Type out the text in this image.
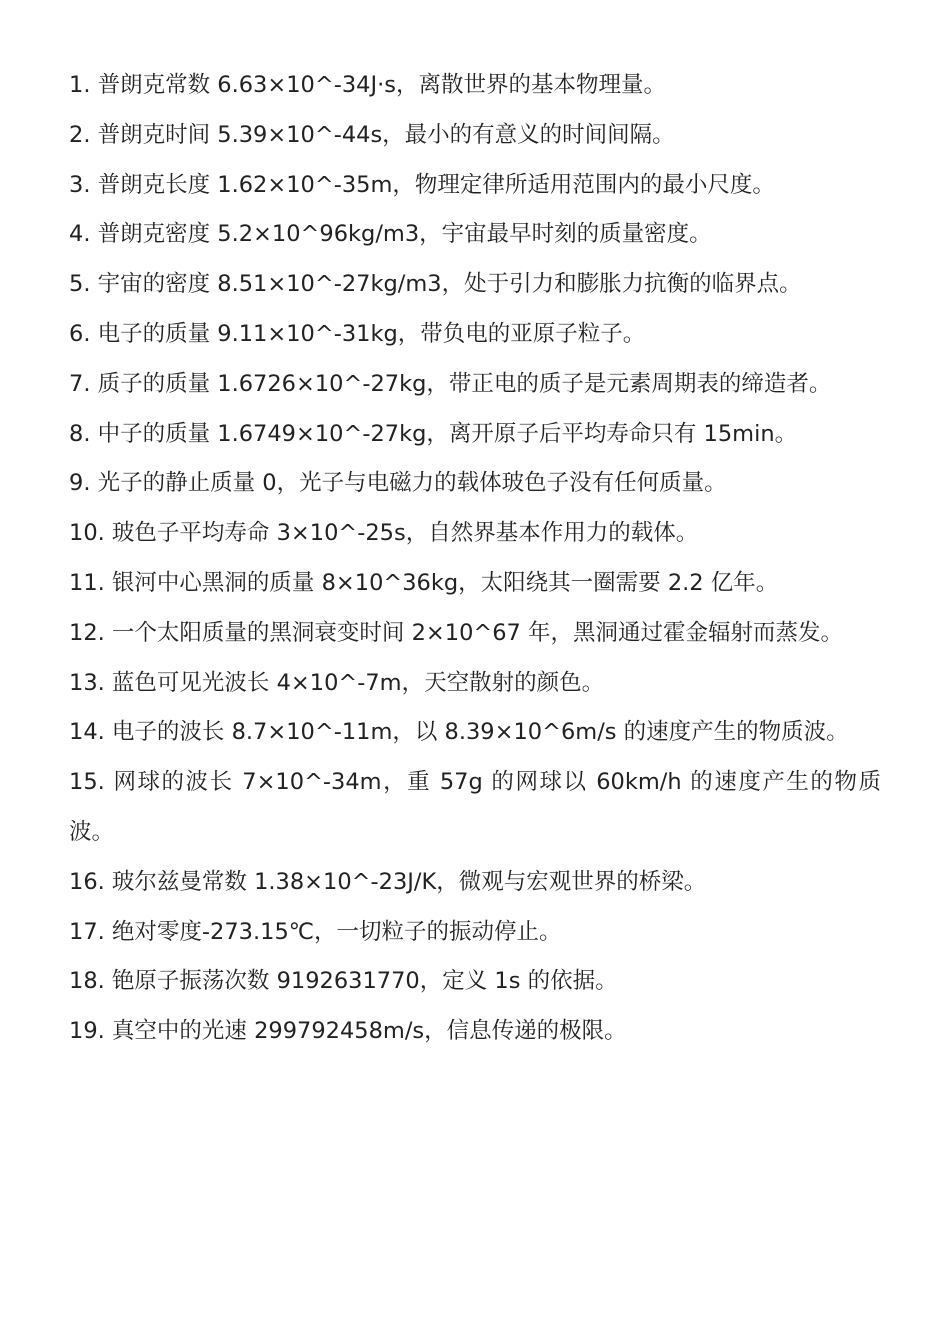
1. 普朗克常数 6.63×10^-34J·s，离散世界的基本物理量。

2. 普朗克时间 5.39×10^-44s，最小的有意义的时间间隔。

3. 普朗克长度 1.62×10^-35m，物理定律所适用范围内的最小尺度。

4. 普朗克密度 5.2×10^96kg/m3，宇宙最早时刻的质量密度。

5. 宇宙的密度 8.51×10^-27kg/m3，处于引力和膨胀力抗衡的临界点。

6. 电子的质量 9.11×10^-31kg，带负电的亚原子粒子。

7. 质子的质量 1.6726×10^-27kg，带正电的质子是元素周期表的缔造者。

8. 中子的质量 1.6749×10^-27kg，离开原子后平均寿命只有 15min。

9. 光子的静止质量 0，光子与电磁力的载体玻色子没有任何质量。

10. 玻色子平均寿命 3×10^-25s，自然界基本作用力的载体。

11. 银河中心黑洞的质量 8×10^36kg，太阳绕其一圈需要 2.2 亿年。

12. 一个太阳质量的黑洞衰变时间 2×10^67 年，黑洞通过霍金辐射而蒸发。

13. 蓝色可见光波长 4×10^-7m，天空散射的颜色。

14. 电子的波长 8.7×10^-11m，以 8.39×10^6m/s 的速度产生的物质波。

15. 网球的波长 7×10^-34m，重 57g 的网球以 60km/h 的速度产生的物质波。

16. 玻尔兹曼常数 1.38×10^-23J/K，微观与宏观世界的桥梁。

17. 绝对零度-273.15℃，一切粒子的振动停止。

18. 铯原子振荡次数 9192631770，定义 1s 的依据。

19. 真空中的光速 299792458m/s，信息传递的极限。
